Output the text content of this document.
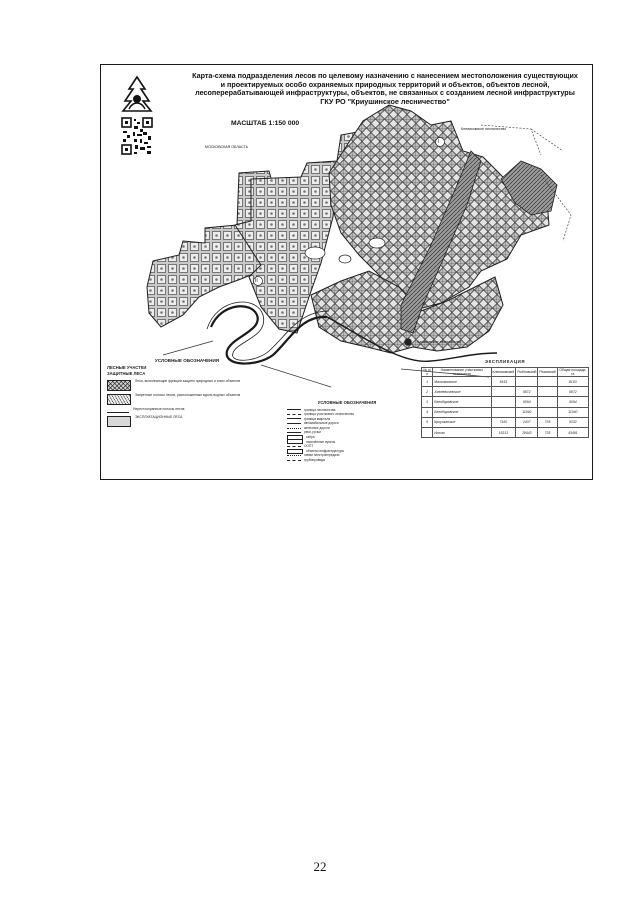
Карта-схема подразделения лесов по целевому назначению с нанесением местоположения существующих
и проектируемых особо охраняемых природных территорий и объектов, объектов лесной,
лесоперерабатывающей инфраструктуры, объектов, не связанных с созданием лесной инфраструктуры
ГКУ РО "Криушинское лесничество"
МАСШТАБ 1:150 000
Клепиковское лесничество
МОСКОВСКАЯ ОБЛАСТЬ
Касимовское лесничество
II
I
УСЛОВНЫЕ ОБОЗНАЧЕНИЯ
ЛЕСНЫЕ УЧАСТКИ
ЗАЩИТНЫЕ ЛЕСА
Леса, выполняющие функции защиты природных и иных объектов
Запретные полосы лесов, расположенные вдоль водных объектов
Нерестоохранные полосы лесов
ЭКСПЛУАТАЦИОННЫЕ ЛЕСА
УСЛОВНЫЕ ОБОЗНАЧЕНИЯ
граница лесничества
граница участкового лесничества
граница квартала
автомобильные дороги
железные дороги
реки, ручьи
озёра
населённые пункты
ООПТ
объекты инфраструктуры
линии электропередачи
трубопроводы
ЭКСПЛИКАЦИЯ
№ п/п	Наименование участковых лесничеств	Клепиковский	Рыбновский	Рязанский	Общая площадь, га
1	Малинковское	8153			8153
2	Хмелевичевское		5872		5872
3	Белобаровское		9094		9094
4	Белобаровское		11040		11040
5	Криушинское	7160	2437	735	9332
	Итого	15313	28443	735	43491
22
